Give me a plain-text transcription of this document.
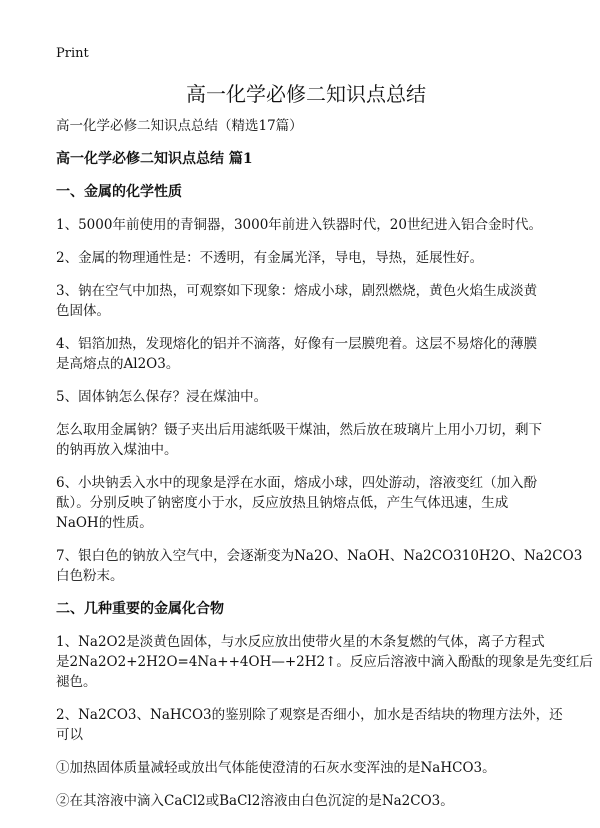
Print
高一化学必修二知识点总结

高一化学必修二知识点总结（精选17篇）

高一化学必修二知识点总结 篇1

一、金属的化学性质

1、5000年前使用的青铜器，3000年前进入铁器时代，20世纪进入铝合金时代。

2、金属的物理通性是：不透明，有金属光泽，导电，导热，延展性好。

3、钠在空气中加热，可观察如下现象：熔成小球，剧烈燃烧，黄色火焰生成淡黄
色固体。

4、铝箔加热，发现熔化的铝并不滴落，好像有一层膜兜着。这层不易熔化的薄膜
是高熔点的Al2O3。

5、固体钠怎么保存？浸在煤油中。

怎么取用金属钠？镊子夹出后用滤纸吸干煤油，然后放在玻璃片上用小刀切，剩下
的钠再放入煤油中。

6、小块钠丢入水中的现象是浮在水面，熔成小球，四处游动，溶液变红（加入酚
酞）。分别反映了钠密度小于水，反应放热且钠熔点低，产生气体迅速，生成
NaOH的性质。

7、银白色的钠放入空气中，会逐渐变为Na2O、NaOH、Na2CO310H2O、Na2CO3
白色粉末。

二、几种重要的金属化合物

1、Na2O2是淡黄色固体，与水反应放出使带火星的木条复燃的气体，离子方程式
是2Na2O2+2H2O=4Na++4OH—+2H2↑。反应后溶液中滴入酚酞的现象是先变红后
褪色。

2、Na2CO3、NaHCO3的鉴别除了观察是否细小，加水是否结块的物理方法外，还
可以

①加热固体质量减轻或放出气体能使澄清的石灰水变浑浊的是NaHCO3。

②在其溶液中滴入CaCl2或BaCl2溶液由白色沉淀的是Na2CO3。
